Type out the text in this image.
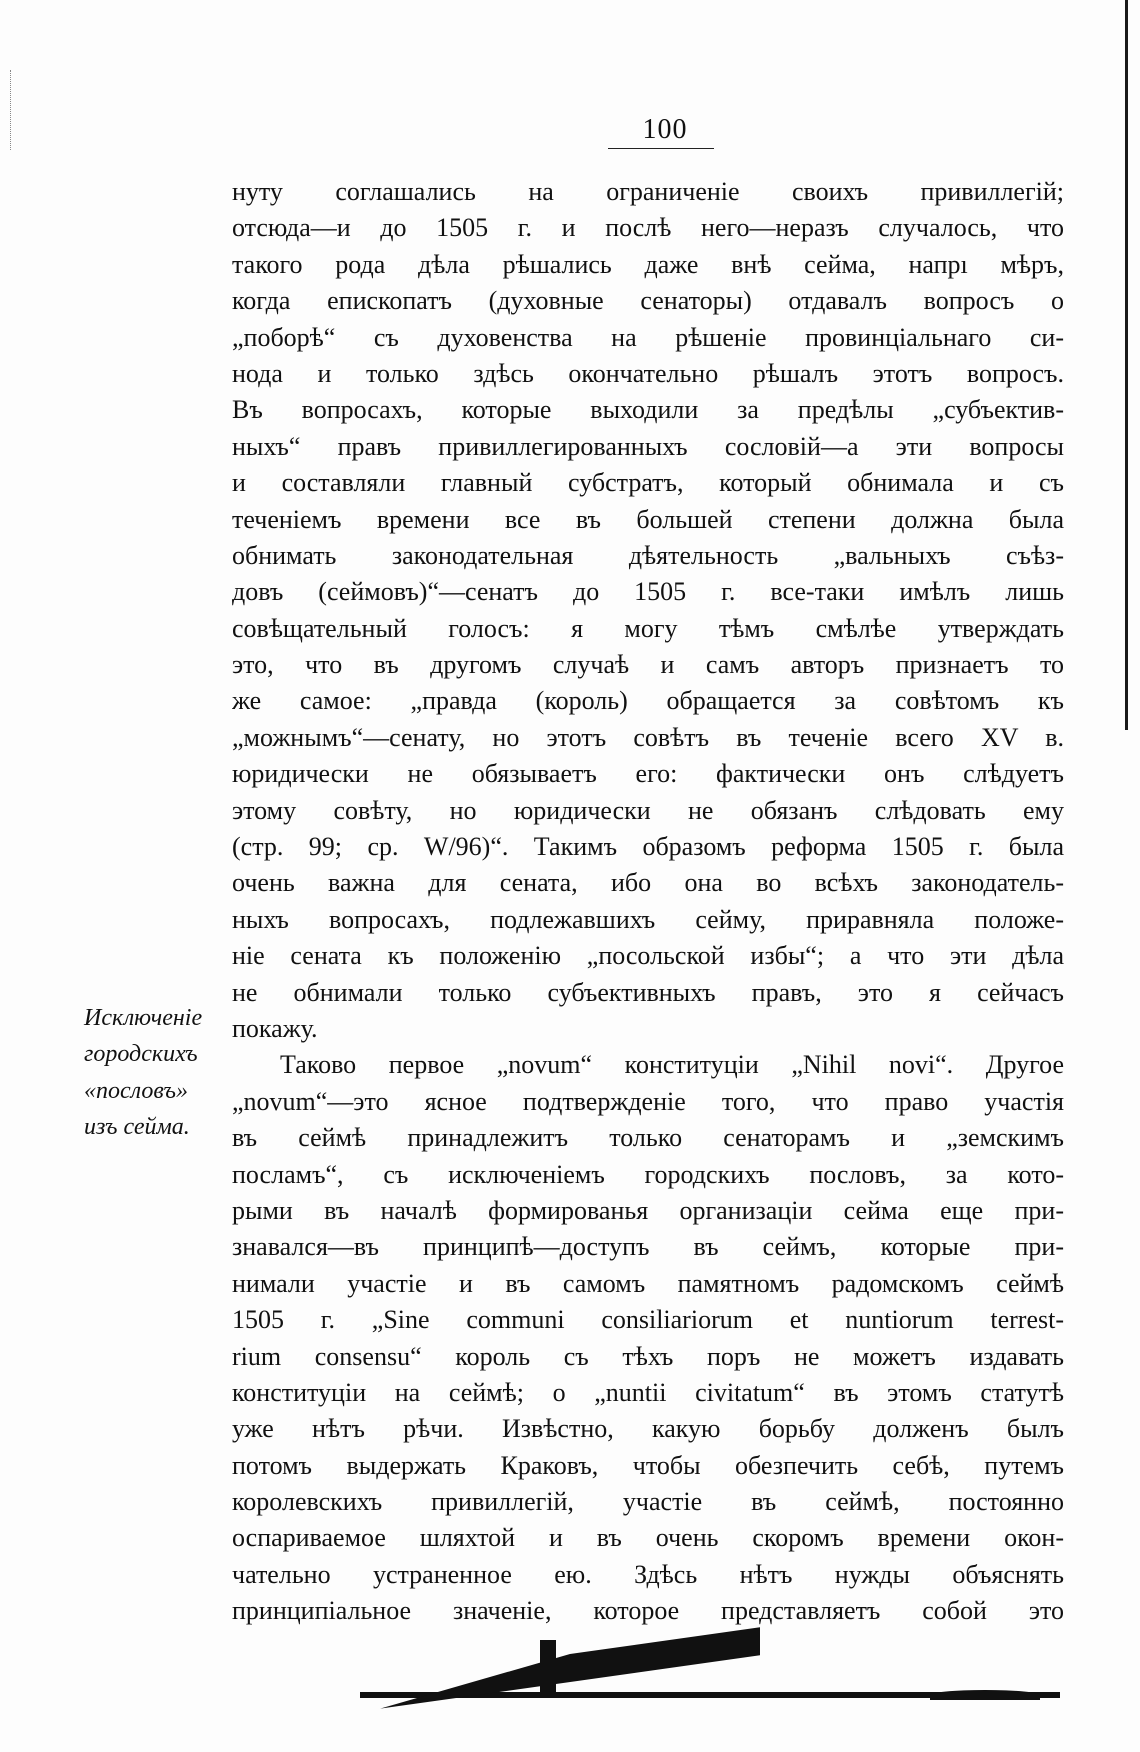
100
нуту соглашались на ограниченіе своихъ привиллегій;
отсюда—и до 1505 г. и послѣ него—неразъ случалось, что
такого рода дѣла рѣшались даже внѣ сейма, напрı мѣръ,
когда епископатъ (духовные сенаторы) отдавалъ вопросъ о
„поборѣ“ съ духовенства на рѣшеніе провинціальнаго си-
нода и только здѣсь окончательно рѣшалъ этотъ вопросъ.
Въ вопросахъ, которые выходили за предѣлы „субъектив-
ныхъ“ правъ привиллегированныхъ сословій—а эти вопросы
и составляли главный субстратъ, который обнимала и съ
теченіемъ времени все въ большей степени должна была
обнимать законодательная дѣятельность „вальныхъ съѣз-
довъ (сеймовъ)“—сенатъ до 1505 г. все-таки имѣлъ лишь
совѣщательный голосъ: я могу тѣмъ смѣлѣе утверждать
это, что въ другомъ случаѣ и самъ авторъ признаетъ то
же самое: „правда (король) обращается за совѣтомъ къ
„можнымъ“—сенату, но этотъ совѣтъ въ теченіе всего XV в.
юридически не обязываетъ его: фактически онъ слѣдуетъ
этому совѣту, но юридически не обязанъ слѣдовать ему
(стр. 99; ср. W/96)“. Такимъ образомъ реформа 1505 г. была
очень важна для сената, ибо она во всѣхъ законодатель-
ныхъ вопросахъ, подлежавшихъ сейму, приравняла положе-
ніе сената къ положенію „посольской избы“; а что эти дѣла
не обнимали только субъективныхъ правъ, это я сейчасъ
покажу.
Таково первое „novum“ конституціи „Nihil novi“. Другое
„novum“—это ясное подтвержденіе того, что право участія
въ сеймѣ принадлежитъ только сенаторамъ и „земскимъ
посламъ“, съ исключеніемъ городскихъ пословъ, за кото-
рыми въ началѣ формированья организаціи сейма еще при-
знавался—въ принципѣ—доступъ въ сеймъ, которые при-
нимали участіе и въ самомъ памятномъ радомскомъ сеймѣ
1505 г. „Sine communi consiliariorum et nuntiorum terrest-
rium consensu“ король съ тѣхъ поръ не можетъ издавать
конституціи на сеймѣ; о „nuntii civitatum“ въ этомъ статутѣ
уже нѣтъ рѣчи. Извѣстно, какую борьбу долженъ былъ
потомъ выдержать Краковъ, чтобы обезпечить себѣ, путемъ
королевскихъ привиллегій, участіе въ сеймѣ, постоянно
оспариваемое шляхтой и въ очень скоромъ времени окон-
чательно устраненное ею. Здѣсь нѣтъ нужды объяснять
принципіальное значеніе, которое представляетъ собой это
Исключеніе
городскихъ
«пословъ»
изъ сейма.
